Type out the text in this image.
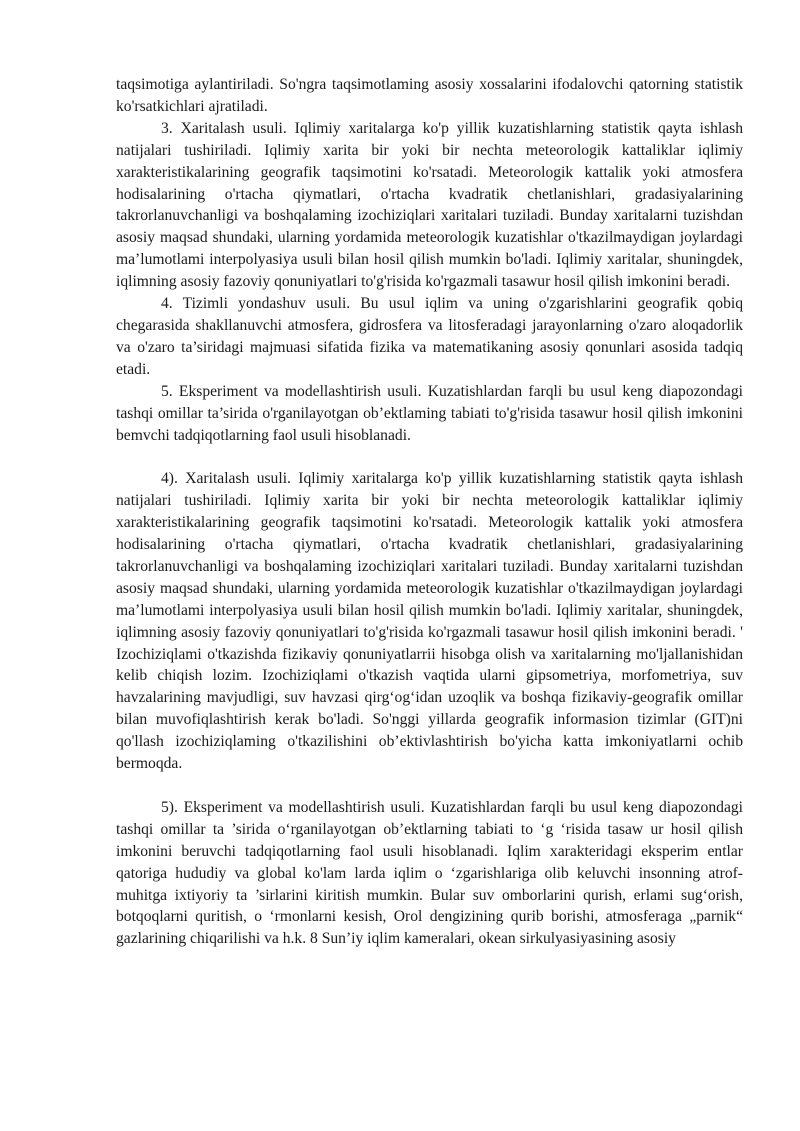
taqsimotiga aylantiriladi. So'ngra taqsimotlaming asosiy xossalarini ifodalovchi qatorning statistik ko'rsatkichlari ajratiladi.

3. Xaritalash usuli. Iqlimiy xaritalarga ko'p yillik kuzatishlarning statistik qayta ishlash natijalari tushiriladi. Iqlimiy xarita bir yoki bir nechta meteorologik kattaliklar iqlimiy xarakteristikalarining geografik taqsimotini ko'rsatadi. Meteorologik kattalik yoki atmosfera hodisalarining o'rtacha qiymatlari, o'rtacha kvadratik chetlanishlari, gradasiyalarining takrorlanuvchanligi va boshqalaming izochiziqlari xaritalari tuziladi. Bunday xaritalarni tuzishdan asosiy maqsad shundaki, ularning yordamida meteorologik kuzatishlar o'tkazilmaydigan joylardagi ma’lumotlami interpolyasiya usuli bilan hosil qilish mumkin bo'ladi. Iqlimiy xaritalar, shuningdek, iqlimning asosiy fazoviy qonuniyatlari to'g'risida ko'rgazmali tasawur hosil qilish imkonini beradi.

4. Tizimli yondashuv usuli. Bu usul iqlim va uning o'zgarishlarini geografik qobiq chegarasida shakllanuvchi atmosfera, gidrosfera va litosferadagi jarayonlarning o'zaro aloqadorlik va o'zaro ta’siridagi majmuasi sifatida fizika va matematikaning asosiy qonunlari asosida tadqiq etadi.

5. Eksperiment va modellashtirish usuli. Kuzatishlardan farqli bu usul keng diapozondagi tashqi omillar ta’sirida o'rganilayotgan ob’ektlaming tabiati to'g'risida tasawur hosil qilish imkonini bemvchi tadqiqotlarning faol usuli hisoblanadi.

4). Xaritalash usuli. Iqlimiy xaritalarga ko'p yillik kuzatishlarning statistik qayta ishlash natijalari tushiriladi. Iqlimiy xarita bir yoki bir nechta meteorologik kattaliklar iqlimiy xarakteristikalarining geografik taqsimotini ko'rsatadi. Meteorologik kattalik yoki atmosfera hodisalarining o'rtacha qiymatlari, o'rtacha kvadratik chetlanishlari, gradasiyalarining takrorlanuvchanligi va boshqalaming izochiziqlari xaritalari tuziladi. Bunday xaritalarni tuzishdan asosiy maqsad shundaki, ularning yordamida meteorologik kuzatishlar o'tkazilmaydigan joylardagi ma’lumotlami interpolyasiya usuli bilan hosil qilish mumkin bo'ladi. Iqlimiy xaritalar, shuningdek, iqlimning asosiy fazoviy qonuniyatlari to'g'risida ko'rgazmali tasawur hosil qilish imkonini beradi. ' Izochiziqlami o'tkazishda fizikaviy qonuniyatlarrii hisobga olish va xaritalarning mo'ljallanishidan kelib chiqish lozim. Izochiziqlami o'tkazish vaqtida ularni gipsometriya, morfometriya, suv havzalarining mavjudligi, suv havzasi qirg‘og‘idan uzoqlik va boshqa fizikaviy-geografik omillar bilan muvofiqlashtirish kerak bo'ladi. So'nggi yillarda geografik informasion tizimlar (GIT)ni qo'llash izochiziqlaming o'tkazilishini ob’ektivlashtirish bo'yicha katta imkoniyatlarni ochib bermoqda.

5). Eksperiment va modellashtirish usuli. Kuzatishlardan farqli bu usul keng diapozondagi tashqi omillar ta ’sirida o‘rganilayotgan ob’ektlarning tabiati to ‘g ‘risida tasaw ur hosil qilish imkonini beruvchi tadqiqotlarning faol usuli hisoblanadi. Iqlim xarakteridagi eksperim entlar qatoriga hududiy va global ko'lam larda iqlim o ‘zgarishlariga olib keluvchi insonning atrof-muhitga ixtiyoriy ta ’sirlarini kiritish mumkin. Bular suv omborlarini qurish, erlami sug‘orish, botqoqlarni quritish, o ‘rmonlarni kesish, Orol dengizining qurib borishi, atmosferaga „parnik“ gazlarining chiqarilishi va h.k. 8 Sun’iy iqlim kameralari, okean sirkulyasiyasining asosiy
